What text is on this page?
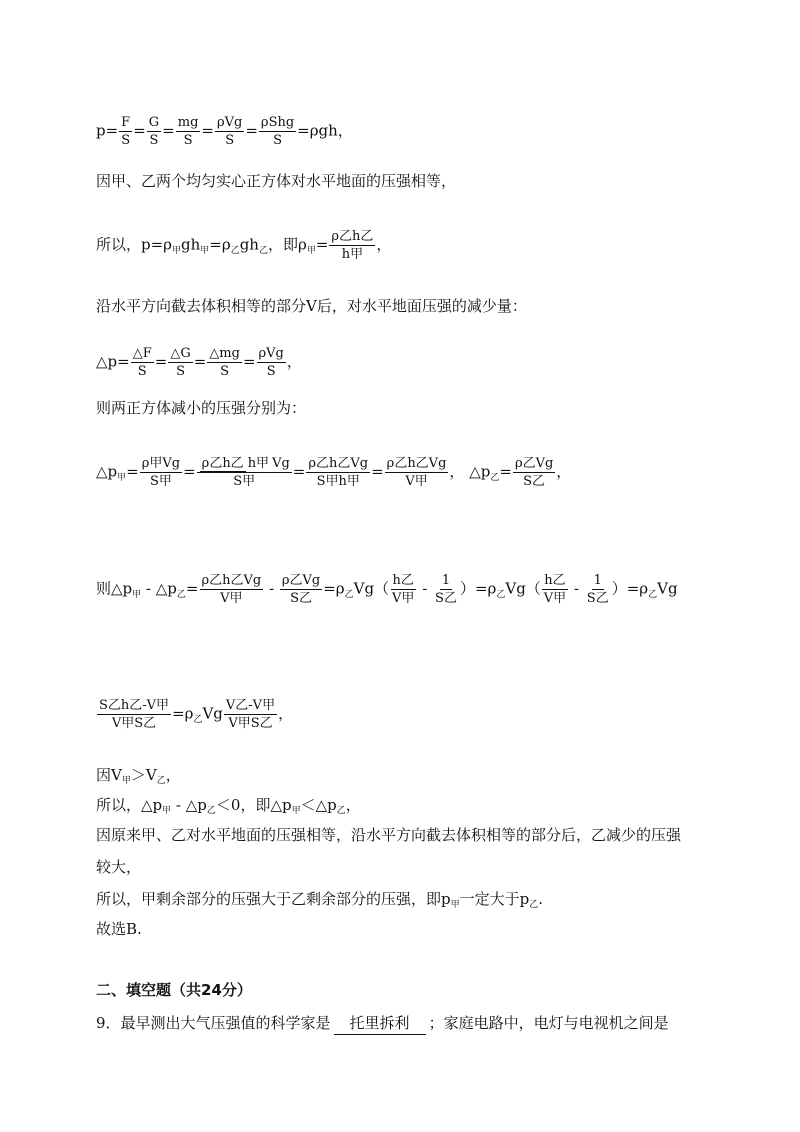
$p= \frac{F}{S} = \frac{G}{S} = \frac{mg}{S} = \rho Vg$
S
= ρShg
S
=ρgh，
因甲、乙两个均匀实心正方体对水平地面的压强相等，
所以，$p=\rho_甲gh_甲=\rho_乙gh_乙$，即$\rho_甲= \rho$乙h乙
h甲
，
沿水平方向截去体积相等的部分V后，对水平地面压强的减少量：
△p= $\frac{\triangle F}{S} = \frac{\triangle G}{S} = \frac{\triangle mg}{S} = \rho Vg$
S
，
则两正方体减小的压强分别为：
$\triangle p_甲= \rho$甲Vg
S甲
= ρ乙h乙 h甲 Vg
S甲
= ρ乙h乙Vg
S甲h甲
= ρ乙h乙Vg
V甲
， $\triangle p_乙= \rho$乙Vg
S乙
，
则$\triangle p_甲$ - $\triangle p_乙= \rho$乙h乙Vg
V甲
- ρ乙Vg
S乙
$=\rho_乙Vg$（ h乙
V甲
- 1
S乙
）$=\rho_乙Vg$（ h乙
V甲
- 1
S乙
）$=\rho_乙Vg$
S乙h乙-V甲
V甲S乙
$=\rho_乙Vg$ V乙-V甲
V甲S乙
，
因$V_甲>V_乙$，
所以，$\triangle p_甲$ - $\triangle p_乙<0$，即$\triangle p_甲<\triangle p_乙$，
因原来甲、乙对水平地面的压强相等，沿水平方向截去体积相等的部分后，乙减少的压强
较大，
所以，甲剩余部分的压强大于乙剩余部分的压强，即$p_甲$一定大于$p_乙$.
故选B.
二、填空题（共24分）
9．最早测出大气压强值的科学家是 托里拆利 ；家庭电路中，电灯与电视机之间是
